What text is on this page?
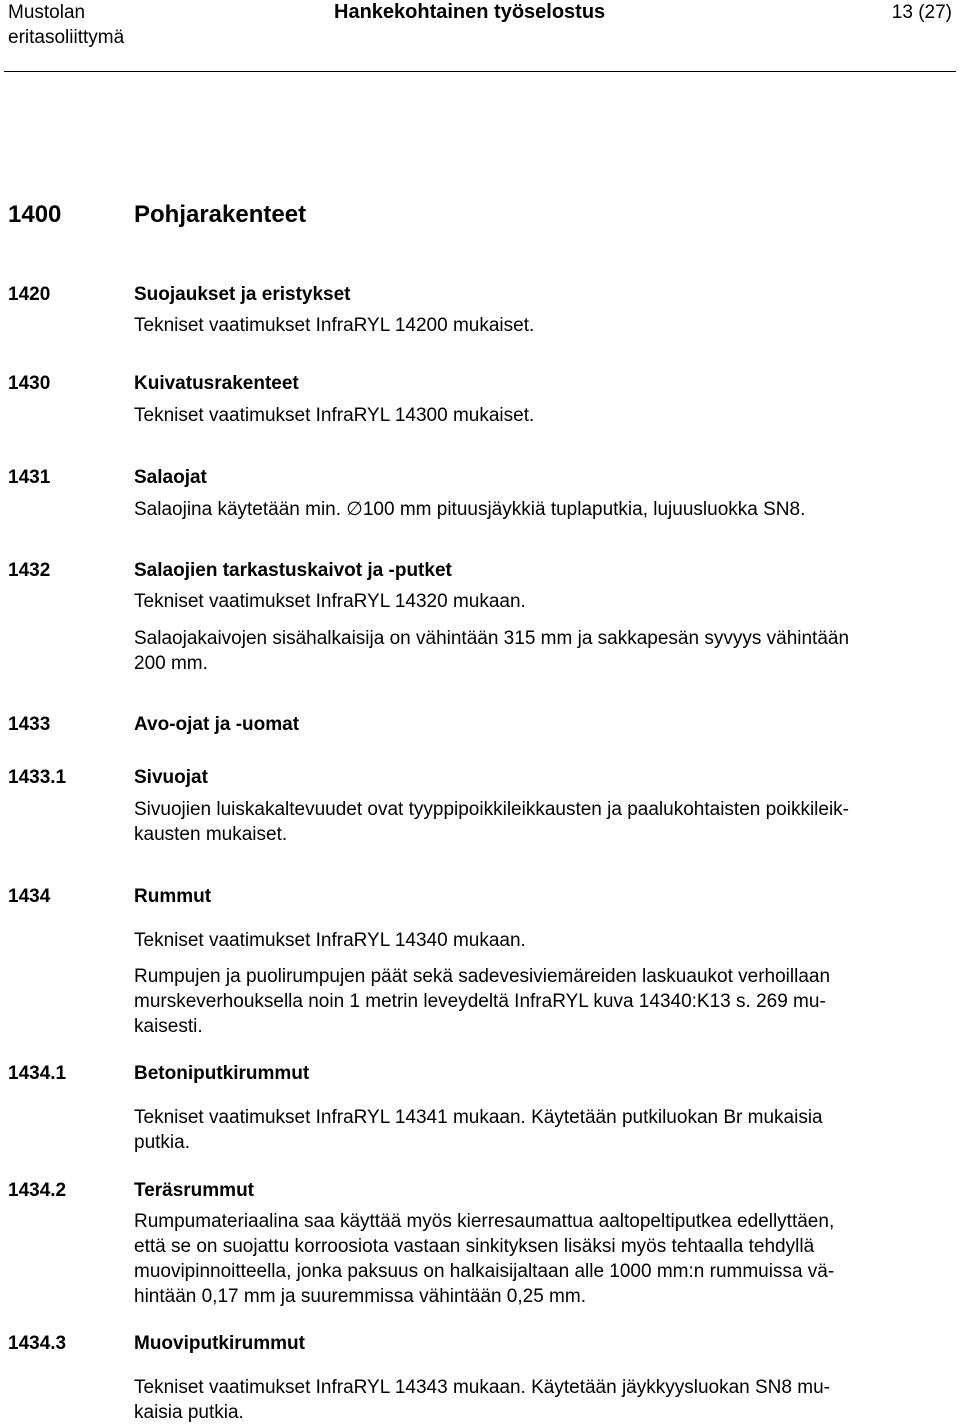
Mustolan
eritasoliittymä
Hankekohtainen työselostus	13 (27)
1400	Pohjarakenteet
1420	Suojaukset ja eristykset
Tekniset vaatimukset InfraRYL 14200 mukaiset.
1430	Kuivatusrakenteet
Tekniset vaatimukset InfraRYL 14300 mukaiset.
1431	Salaojat
Salaojina käytetään min. ∅100 mm pituusjäykkiä tuplaputkia, lujuusluokka SN8.
1432	Salaojien tarkastuskaivot ja -putket
Tekniset vaatimukset InfraRYL 14320 mukaan.
Salaojakaivojen sisähalkaisija on vähintään 315 mm ja sakkapesän syvyys vähintään
200 mm.
1433	Avo-ojat ja -uomat
1433.1	Sivuojat
Sivuojien luiskakaltevuudet ovat tyyppipoikkileikkausten ja paalukohtaisten poikkileik-
kausten mukaiset.
1434	Rummut
Tekniset vaatimukset InfraRYL 14340 mukaan.
Rumpujen ja puolirumpujen päät sekä sadevesiviemäreiden laskuaukot verhoillaan
murskeverhouksella noin 1 metrin leveydeltä InfraRYL kuva 14340:K13 s. 269 mu-
kaisesti.
1434.1	Betoniputkirummut
Tekniset vaatimukset InfraRYL 14341 mukaan. Käytetään putkiluokan Br mukaisia
putkia.
1434.2	Teräsrummut
Rumpumateriaalina saa käyttää myös kierresaumattua aaltopeltiputkea edellyttäen,
että se on suojattu korroosiota vastaan sinkityksen lisäksi myös tehtaalla tehdyllä
muovipinnoitteella, jonka paksuus on halkaisijaltaan alle 1000 mm:n rummuissa vä-
hintään 0,17 mm ja suuremmissa vähintään 0,25 mm.
1434.3	Muoviputkirummut
Tekniset vaatimukset InfraRYL 14343 mukaan. Käytetään jäykkyysluokan SN8 mu-
kaisia putkia.
